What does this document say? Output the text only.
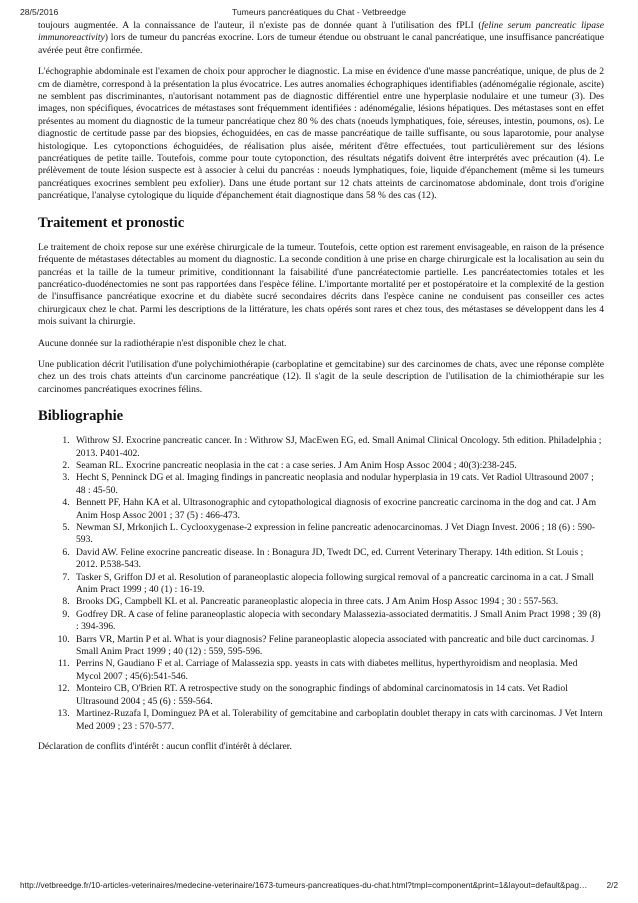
28/5/2016	Tumeurs pancréatiques du Chat - Vetbreedge

toujours augmentée. A la connaissance de l'auteur, il n'existe pas de donnée quant à l'utilisation des fPLI (feline serum pancreatic lipase immunoreactivity) lors de tumeur du pancréas exocrine. Lors de tumeur étendue ou obstruant le canal pancréatique, une insuffisance pancréatique avérée peut être confirmée.

L'échographie abdominale est l'examen de choix pour approcher le diagnostic. La mise en évidence d'une masse pancréatique, unique, de plus de 2 cm de diamètre, correspond à la présentation la plus évocatrice. Les autres anomalies échographiques identifiables (adénomégalie régionale, ascite) ne semblent pas discriminantes, n'autorisant notamment pas de diagnostic différentiel entre une hyperplasie nodulaire et une tumeur (3). Des images, non spécifiques, évocatrices de métastases sont fréquemment identifiées : adénomégalie, lésions hépatiques. Des métastases sont en effet présentes au moment du diagnostic de la tumeur pancréatique chez 80 % des chats (noeuds lymphatiques, foie, séreuses, intestin, poumons, os). Le diagnostic de certitude passe par des biopsies, échoguidées, en cas de masse pancréatique de taille suffisante, ou sous laparotomie, pour analyse histologique. Les cytoponctions échoguidées, de réalisation plus aisée, méritent d'être effectuées, tout particulièrement sur des lésions pancréatiques de petite taille. Toutefois, comme pour toute cytoponction, des résultats négatifs doivent être interprétés avec précaution (4). Le prélèvement de toute lésion suspecte est à associer à celui du pancréas : noeuds lymphatiques, foie, liquide d'épanchement (même si les tumeurs pancréatiques exocrines semblent peu exfolier). Dans une étude portant sur 12 chats atteints de carcinomatose abdominale, dont trois d'origine pancréatique, l'analyse cytologique du liquide d'épanchement était diagnostique dans 58 % des cas (12).

Traitement et pronostic

Le traitement de choix repose sur une exérèse chirurgicale de la tumeur. Toutefois, cette option est rarement envisageable, en raison de la présence fréquente de métastases détectables au moment du diagnostic. La seconde condition à une prise en charge chirurgicale est la localisation au sein du pancréas et la taille de la tumeur primitive, conditionnant la faisabilité d'une pancréatectomie partielle. Les pancréatectomies totales et les pancréatico-duodénectomies ne sont pas rapportées dans l'espèce féline. L'importante mortalité per et postopératoire et la complexité de la gestion de l'insuffisance pancréatique exocrine et du diabète sucré secondaires décrits dans l'espèce canine ne conduisent pas conseiller ces actes chirurgicaux chez le chat. Parmi les descriptions de la littérature, les chats opérés sont rares et chez tous, des métastases se développent dans les 4 mois suivant la chirurgie.

Aucune donnée sur la radiothérapie n'est disponible chez le chat.

Une publication décrit l'utilisation d'une polychimiothérapie (carboplatine et gemcitabine) sur des carcinomes de chats, avec une réponse complète chez un des trois chats atteints d'un carcinome pancréatique (12). Il s'agit de la seule description de l'utilisation de la chimiothérapie sur les carcinomes pancréatiques exocrines félins.

Bibliographie
1. Withrow SJ. Exocrine pancreatic cancer. In : Withrow SJ, MacEwen EG, ed. Small Animal Clinical Oncology. 5th edition. Philadelphia ; 2013. P401-402.
2. Seaman RL. Exocrine pancreatic neoplasia in the cat : a case series. J Am Anim Hosp Assoc 2004 ; 40(3):238-245.
3. Hecht S, Penninck DG et al. Imaging findings in pancreatic neoplasia and nodular hyperplasia in 19 cats. Vet Radiol Ultrasound 2007 ; 48 : 45-50.
4. Bennett PF, Hahn KA et al. Ultrasonographic and cytopathological diagnosis of exocrine pancreatic carcinoma in the dog and cat. J Am Anim Hosp Assoc 2001 ; 37 (5) : 466-473.
5. Newman SJ, Mrkonjich L. Cyclooxygenase-2 expression in feline pancreatic adenocarcinomas. J Vet Diagn Invest. 2006 ; 18 (6) : 590-593.
6. David AW. Feline exocrine pancreatic disease. In : Bonagura JD, Twedt DC, ed. Current Veterinary Therapy. 14th edition. St Louis ; 2012. P.538-543.
7. Tasker S, Griffon DJ et al. Resolution of paraneoplastic alopecia following surgical removal of a pancreatic carcinoma in a cat. J Small Anim Pract 1999 ; 40 (1) : 16-19.
8. Brooks DG, Campbell KL et al. Pancreatic paraneoplastic alopecia in three cats. J Am Anim Hosp Assoc 1994 ; 30 : 557-563.
9. Godfrey DR. A case of feline paraneoplastic alopecia with secondary Malassezia-associated dermatitis. J Small Anim Pract 1998 ; 39 (8) : 394-396.
10. Barrs VR, Martin P et al. What is your diagnosis? Feline paraneoplastic alopecia associated with pancreatic and bile duct carcinomas. J Small Anim Pract 1999 ; 40 (12) : 559, 595-596.
11. Perrins N, Gaudiano F et al. Carriage of Malassezia spp. yeasts in cats with diabetes mellitus, hyperthyroidism and neoplasia. Med Mycol 2007 ; 45(6):541-546.
12. Monteiro CB, O'Brien RT. A retrospective study on the sonographic findings of abdominal carcinomatosis in 14 cats. Vet Radiol Ultrasound 2004 ; 45 (6) : 559-564.
13. Martinez-Ruzafa I, Dominguez PA et al. Tolerability of gemcitabine and carboplatin doublet therapy in cats with carcinomas. J Vet Intern Med 2009 ; 23 : 570-577.

Déclaration de conflits d'intérêt : aucun conflit d'intérêt à déclarer.

http://vetbreedge.fr/10-articles-veterinaires/medecine-veterinaire/1673-tumeurs-pancreatiques-du-chat.html?tmpl=component&print=1&layout=default&pag…	2/2
